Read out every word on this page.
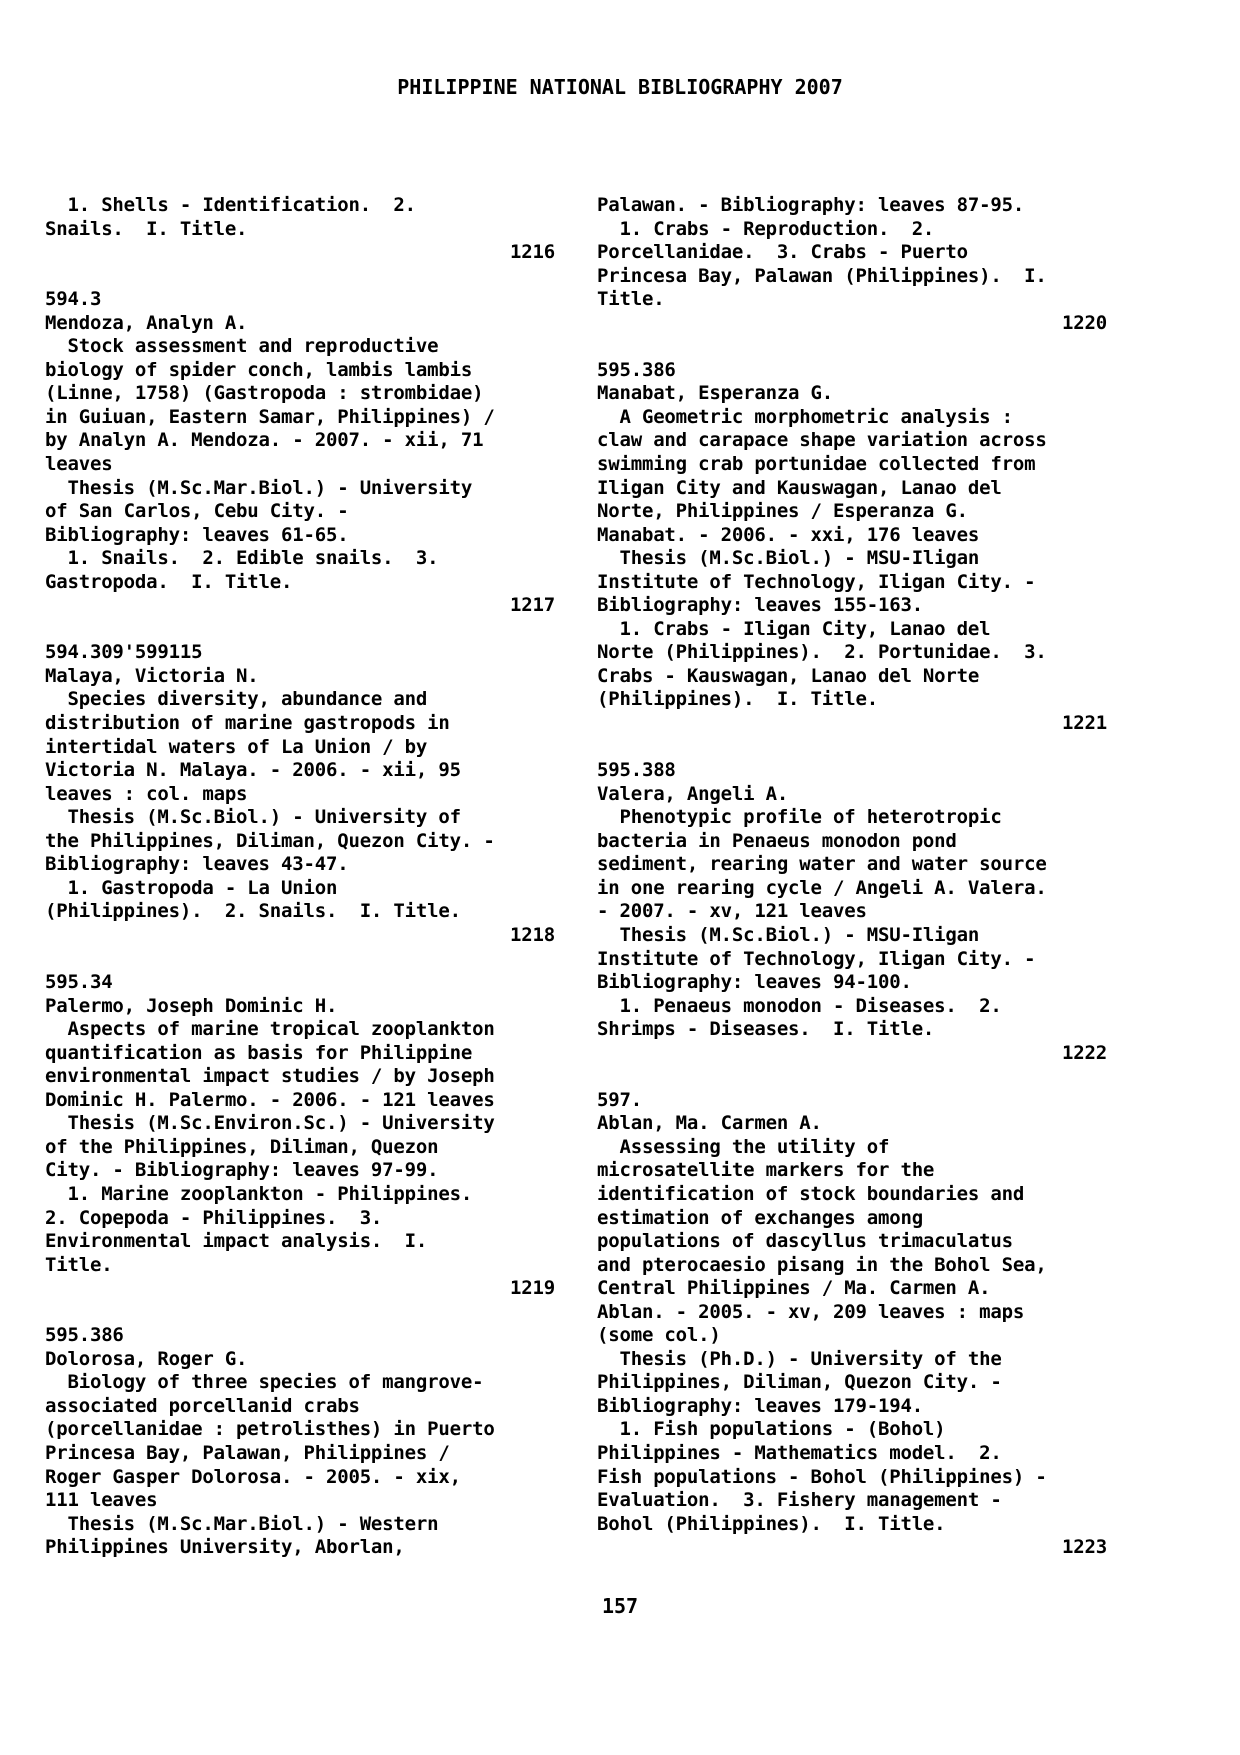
PHILIPPINE NATIONAL BIBLIOGRAPHY 2007
1. Shells - Identification.  2.
Snails.  I. Title.
1216
594.3
Mendoza, Analyn A.
Stock assessment and reproductive
biology of spider conch, lambis lambis
(Linne, 1758) (Gastropoda : strombidae)
in Guiuan, Eastern Samar, Philippines) /
by Analyn A. Mendoza. - 2007. - xii, 71
leaves
Thesis (M.Sc.Mar.Biol.) - University
of San Carlos, Cebu City. -
Bibliography: leaves 61-65.
1. Snails.  2. Edible snails.  3.
Gastropoda.  I. Title.
1217
594.309'599115
Malaya, Victoria N.
Species diversity, abundance and
distribution of marine gastropods in
intertidal waters of La Union / by
Victoria N. Malaya. - 2006. - xii, 95
leaves : col. maps
Thesis (M.Sc.Biol.) - University of
the Philippines, Diliman, Quezon City. -
Bibliography: leaves 43-47.
1. Gastropoda - La Union
(Philippines).  2. Snails.  I. Title.
1218
595.34
Palermo, Joseph Dominic H.
Aspects of marine tropical zooplankton
quantification as basis for Philippine
environmental impact studies / by Joseph
Dominic H. Palermo. - 2006. - 121 leaves
Thesis (M.Sc.Environ.Sc.) - University
of the Philippines, Diliman, Quezon
City. - Bibliography: leaves 97-99.
1. Marine zooplankton - Philippines.
2. Copepoda - Philippines.  3.
Environmental impact analysis.  I.
Title.
1219
595.386
Dolorosa, Roger G.
Biology of three species of mangrove-
associated porcellanid crabs
(porcellanidae : petrolisthes) in Puerto
Princesa Bay, Palawan, Philippines /
Roger Gasper Dolorosa. - 2005. - xix,
111 leaves
Thesis (M.Sc.Mar.Biol.) - Western
Philippines University, Aborlan,
Palawan. - Bibliography: leaves 87-95.
1. Crabs - Reproduction.  2.
Porcellanidae.  3. Crabs - Puerto
Princesa Bay, Palawan (Philippines).  I.
Title.
1220
595.386
Manabat, Esperanza G.
A Geometric morphometric analysis :
claw and carapace shape variation across
swimming crab portunidae collected from
Iligan City and Kauswagan, Lanao del
Norte, Philippines / Esperanza G.
Manabat. - 2006. - xxi, 176 leaves
Thesis (M.Sc.Biol.) - MSU-Iligan
Institute of Technology, Iligan City. -
Bibliography: leaves 155-163.
1. Crabs - Iligan City, Lanao del
Norte (Philippines).  2. Portunidae.  3.
Crabs - Kauswagan, Lanao del Norte
(Philippines).  I. Title.
1221
595.388
Valera, Angeli A.
Phenotypic profile of heterotropic
bacteria in Penaeus monodon pond
sediment, rearing water and water source
in one rearing cycle / Angeli A. Valera.
- 2007. - xv, 121 leaves
Thesis (M.Sc.Biol.) - MSU-Iligan
Institute of Technology, Iligan City. -
Bibliography: leaves 94-100.
1. Penaeus monodon - Diseases.  2.
Shrimps - Diseases.  I. Title.
1222
597.
Ablan, Ma. Carmen A.
Assessing the utility of
microsatellite markers for the
identification of stock boundaries and
estimation of exchanges among
populations of dascyllus trimaculatus
and pterocaesio pisang in the Bohol Sea,
Central Philippines / Ma. Carmen A.
Ablan. - 2005. - xv, 209 leaves : maps
(some col.)
Thesis (Ph.D.) - University of the
Philippines, Diliman, Quezon City. -
Bibliography: leaves 179-194.
1. Fish populations - (Bohol)
Philippines - Mathematics model.  2.
Fish populations - Bohol (Philippines) -
Evaluation.  3. Fishery management -
Bohol (Philippines).  I. Title.
1223
157
